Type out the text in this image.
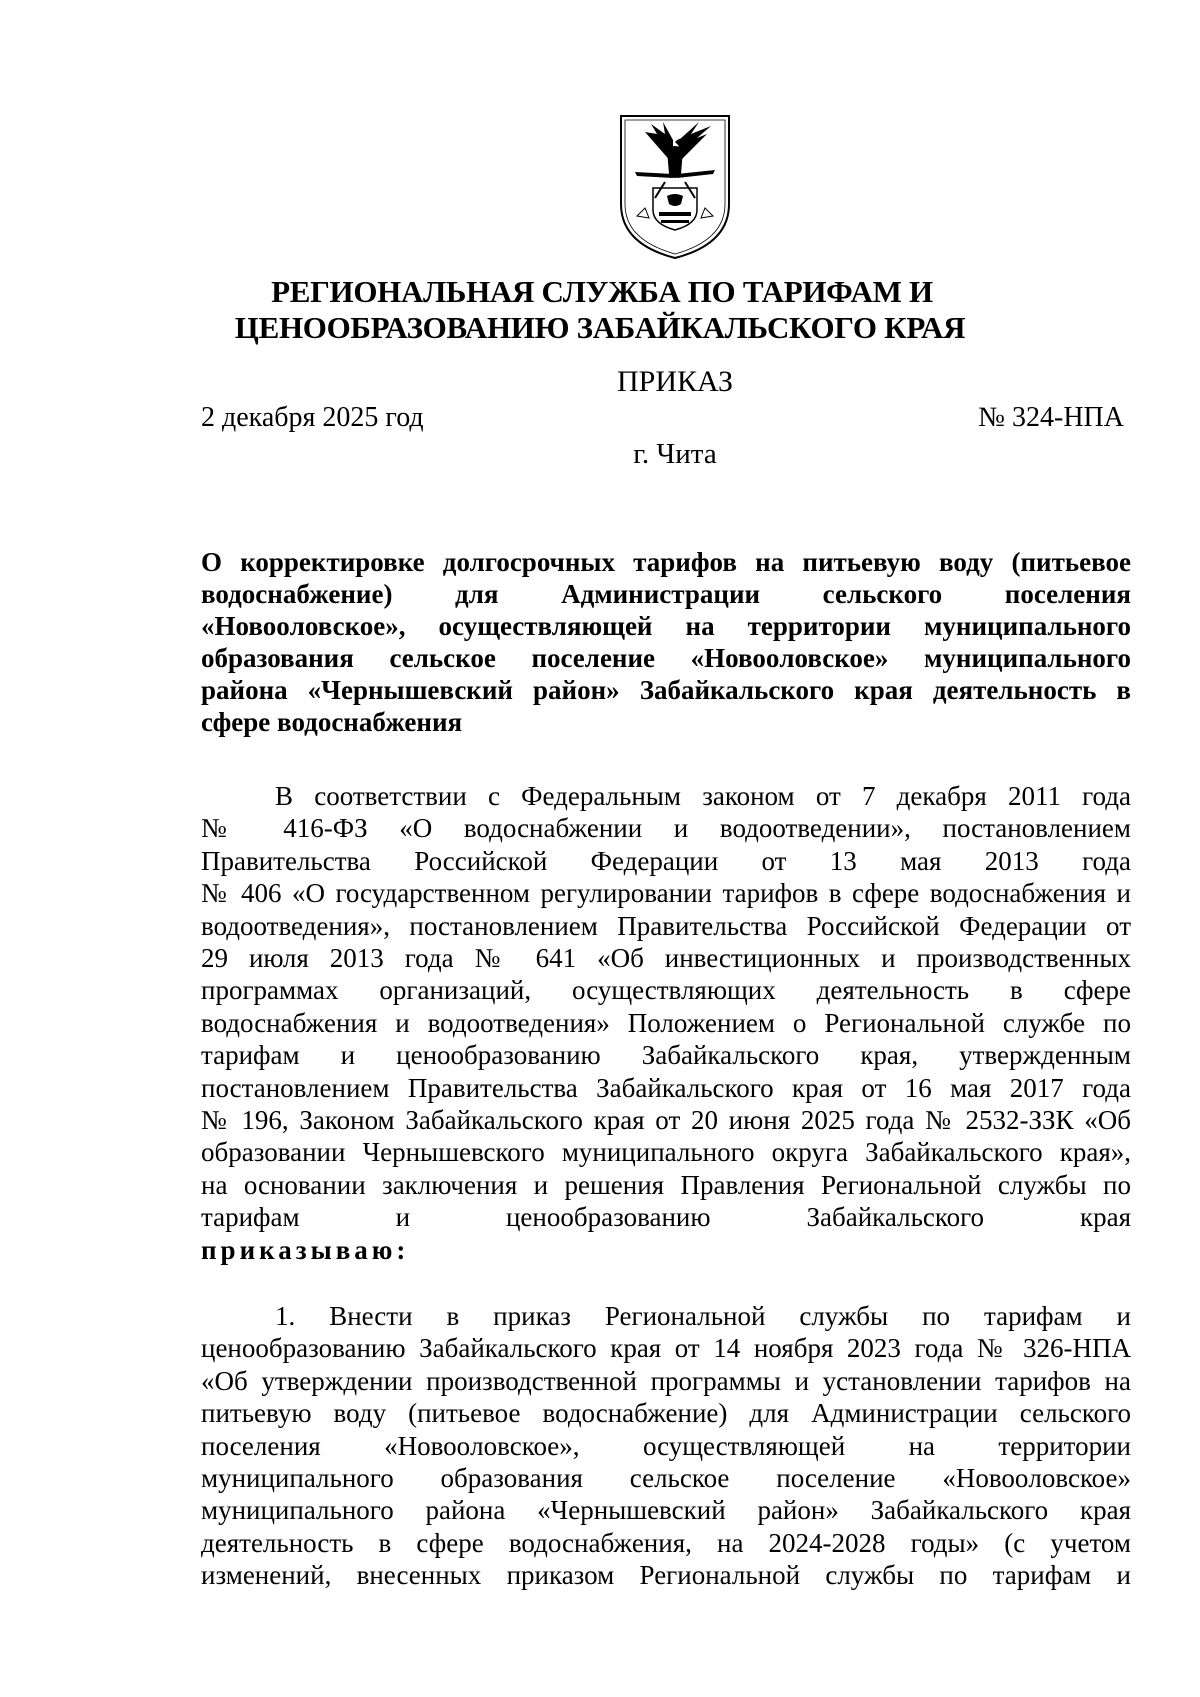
РЕГИОНАЛЬНАЯ СЛУЖБА ПО ТАРИФАМ И
ЦЕНООБРАЗОВАНИЮ ЗАБАЙКАЛЬСКОГО КРАЯ
ПРИКАЗ
2 декабря 2025 год	№ 324-НПА
г. Чита
О корректировке долгосрочных тарифов на питьевую воду (питьевое
водоснабжение) для Администрации сельского поселения
«Новоoловское», осуществляющей на территории муниципального
образования сельское поселение «Новоoловское» муниципального
района «Чернышевский район» Забайкальского края деятельность в
сфере водоснабжения
В соответствии с Федеральным законом от 7 декабря 2011 года
№ 416-ФЗ «О водоснабжении и водоотведении», постановлением
Правительства Российской Федерации от 13 мая 2013 года
№ 406 «О государственном регулировании тарифов в сфере водоснабжения и
водоотведения», постановлением Правительства Российской Федерации от
29 июля 2013 года № 641 «Об инвестиционных и производственных
программах организаций, осуществляющих деятельность в сфере
водоснабжения и водоотведения» Положением о Региональной службе по
тарифам и ценообразованию Забайкальского края, утвержденным
постановлением Правительства Забайкальского края от 16 мая 2017 года
№ 196, Законом Забайкальского края от 20 июня 2025 года № 2532-ЗЗК «Об
образовании Чернышевского муниципального округа Забайкальского края»,
на основании заключения и решения Правления Региональной службы по
тарифам и ценообразованию Забайкальского края
приказываю:
1. Внести в приказ Региональной службы по тарифам и
ценообразованию Забайкальского края от 14 ноября 2023 года № 326-НПА
«Об утверждении производственной программы и установлении тарифов на
питьевую воду (питьевое водоснабжение) для Администрации сельского
поселения «Новоoловское», осуществляющей на территории
муниципального образования сельское поселение «Новоoловское»
муниципального района «Чернышевский район» Забайкальского края
деятельность в сфере водоснабжения, на 2024-2028 годы» (с учетом
изменений, внесенных приказом Региональной службы по тарифам и
